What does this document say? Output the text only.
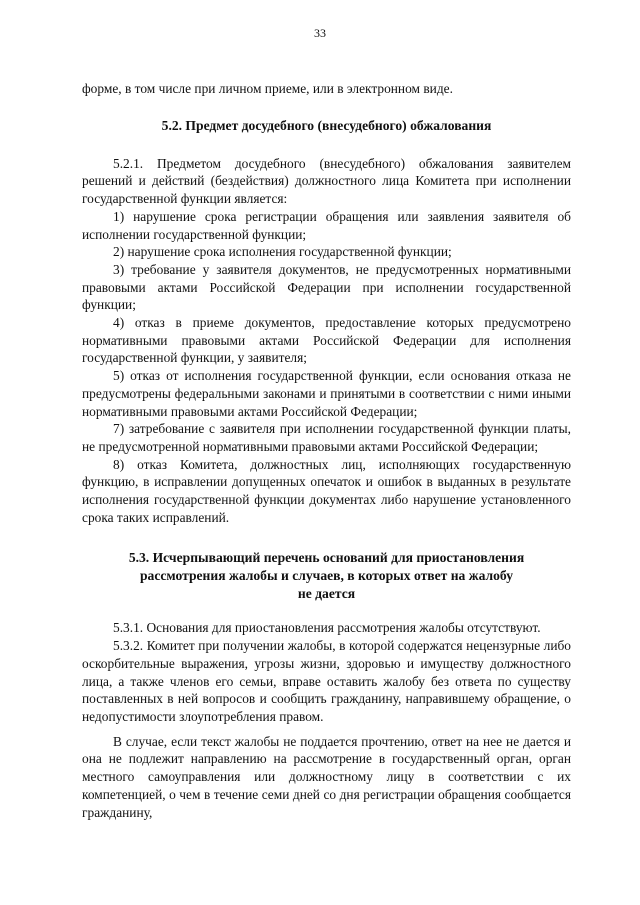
33

форме, в том числе при личном приеме, или в электронном виде.

5.2. Предмет досудебного (внесудебного) обжалования

5.2.1. Предметом досудебного (внесудебного) обжалования заявителем решений и действий (бездействия) должностного лица Комитета при исполнении государственной функции является:

1) нарушение срока регистрации обращения или заявления заявителя об исполнении государственной функции;

2) нарушение срока исполнения государственной функции;

3) требование у заявителя документов, не предусмотренных нормативными правовыми актами Российской Федерации при исполнении государственной функции;

4) отказ в приеме документов, предоставление которых предусмотрено нормативными правовыми актами Российской Федерации для исполнения государственной функции, у заявителя;

5) отказ от исполнения государственной функции, если основания отказа не предусмотрены федеральными законами и принятыми в соответствии с ними иными нормативными правовыми актами Российской Федерации;

7) затребование с заявителя при исполнении государственной функции платы, не предусмотренной нормативными правовыми актами Российской Федерации;

8) отказ Комитета, должностных лиц, исполняющих государственную функцию, в исправлении допущенных опечаток и ошибок в выданных в результате исполнения государственной функции документах либо нарушение установленного срока таких исправлений.

5.3. Исчерпывающий перечень оснований для приостановления
рассмотрения жалобы и случаев, в которых ответ на жалобу
не дается

5.3.1. Основания для приостановления рассмотрения жалобы отсутствуют.

5.3.2. Комитет при получении жалобы, в которой содержатся нецензурные либо оскорбительные выражения, угрозы жизни, здоровью и имуществу должностного лица, а также членов его семьи, вправе оставить жалобу без ответа по существу поставленных в ней вопросов и сообщить гражданину, направившему обращение, о недопустимости злоупотребления правом.

В случае, если текст жалобы не поддается прочтению, ответ на нее не дается и она не подлежит направлению на рассмотрение в государственный орган, орган местного самоуправления или должностному лицу в соответствии с их компетенцией, о чем в течение семи дней со дня регистрации обращения сообщается гражданину,
